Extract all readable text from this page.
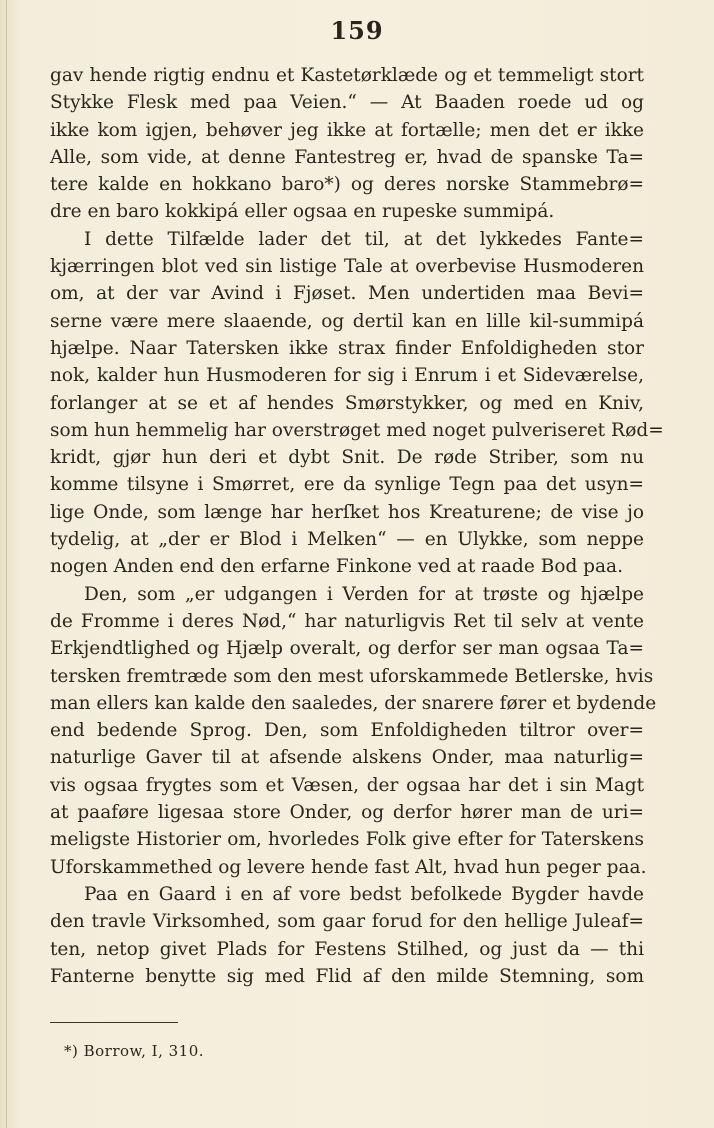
159
gav hende rigtig endnu et Kastetørklæde og et temmeligt stort
Stykke Flesk med paa Veien.“ — At Baaden roede ud og
ikke kom igjen, behøver jeg ikke at fortælle; men det er ikke
Alle, som vide, at denne Fantestreg er, hvad de spanske Ta=
tere kalde en hokkano baro*) og deres norske Stammebrø=
dre en baro kokkipá eller ogsaa en rupeske summipá.
I dette Tilfælde lader det til, at det lykkedes Fante=
kjærringen blot ved sin listige Tale at overbevise Husmoderen
om, at der var Avind i Fjøset. Men undertiden maa Bevi=
serne være mere slaaende, og dertil kan en lille kil-summipá
hjælpe. Naar Tatersken ikke strax finder Enfoldigheden stor
nok, kalder hun Husmoderen for sig i Enrum i et Sideværelse,
forlanger at se et af hendes Smørstykker, og med en Kniv,
som hun hemmelig har overstrøget med noget pulveriseret Rød=
kridt, gjør hun deri et dybt Snit. De røde Striber, som nu
komme tilsyne i Smørret, ere da synlige Tegn paa det usyn=
lige Onde, som længe har herſket hos Kreaturene; de vise jo
tydelig, at „der er Blod i Melken“ — en Ulykke, som neppe
nogen Anden end den erfarne Finkone ved at raade Bod paa.
Den, som „er udgangen i Verden for at trøste og hjælpe
de Fromme i deres Nød,“ har naturligvis Ret til selv at vente
Erkjendtlighed og Hjælp overalt, og derfor ser man ogsaa Ta=
tersken fremtræde som den mest uforskammede Betlerske, hvis
man ellers kan kalde den saaledes, der snarere fører et bydende
end bedende Sprog. Den, som Enfoldigheden tiltror over=
naturlige Gaver til at afsende alskens Onder, maa naturlig=
vis ogsaa frygtes som et Væsen, der ogsaa har det i sin Magt
at paaføre ligesaa store Onder, og derfor hører man de uri=
meligste Historier om, hvorledes Folk give efter for Taterskens
Uforskammethed og levere hende fast Alt, hvad hun peger paa.
Paa en Gaard i en af vore bedst befolkede Bygder havde
den travle Virksomhed, som gaar forud for den hellige Juleaf=
ten, netop givet Plads for Festens Stilhed, og just da — thi
Fanterne benytte sig med Flid af den milde Stemning, som
*) Borrow, I, 310.
